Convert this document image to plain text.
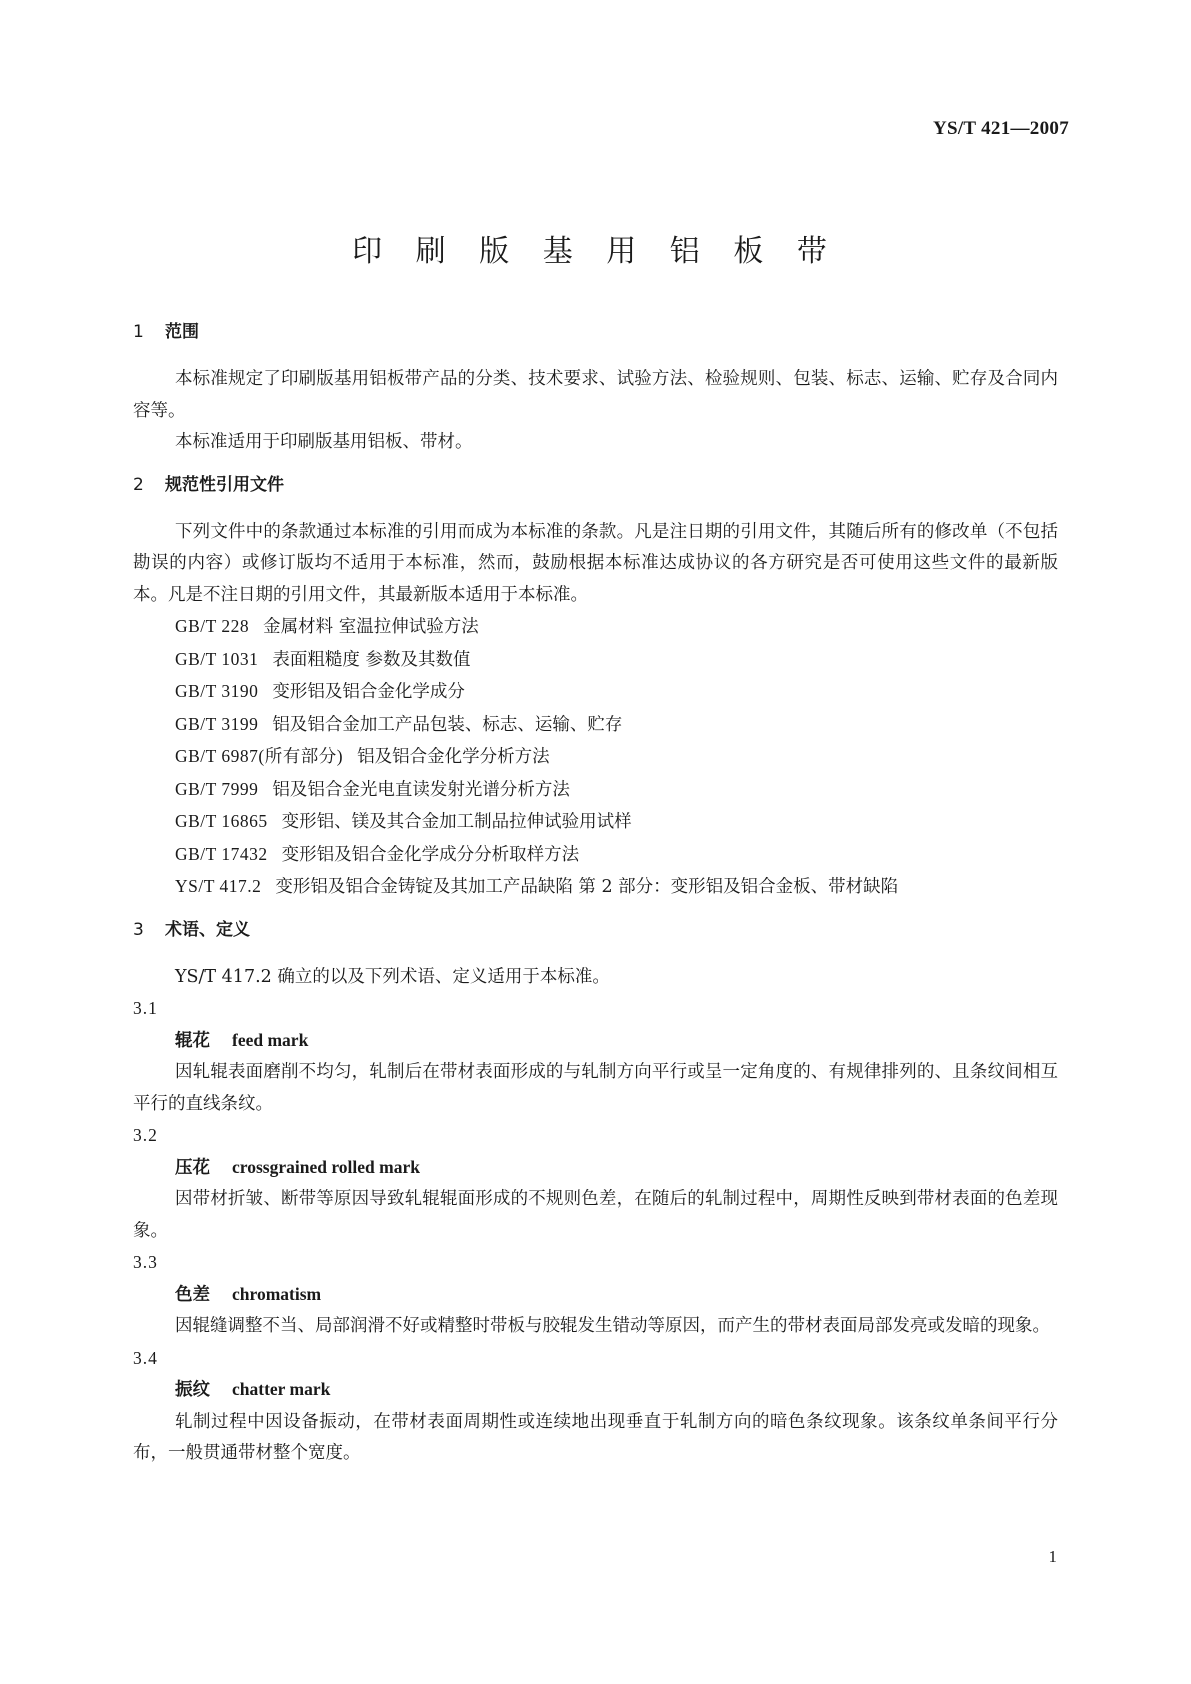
YS/T 421—2007
印 刷 版 基 用 铝 板 带
1 范围

本标准规定了印刷版基用铝板带产品的分类、技术要求、试验方法、检验规则、包装、标志、运输、贮存及合同内容等。

本标准适用于印刷版基用铝板、带材。

2 规范性引用文件

下列文件中的条款通过本标准的引用而成为本标准的条款。凡是注日期的引用文件，其随后所有的修改单（不包括勘误的内容）或修订版均不适用于本标准，然而，鼓励根据本标准达成协议的各方研究是否可使用这些文件的最新版本。凡是不注日期的引用文件，其最新版本适用于本标准。

GB/T 228 金属材料 室温拉伸试验方法
GB/T 1031 表面粗糙度 参数及其数值
GB/T 3190 变形铝及铝合金化学成分
GB/T 3199 铝及铝合金加工产品包装、标志、运输、贮存
GB/T 6987(所有部分) 铝及铝合金化学分析方法
GB/T 7999 铝及铝合金光电直读发射光谱分析方法
GB/T 16865 变形铝、镁及其合金加工制品拉伸试验用试样
GB/T 17432 变形铝及铝合金化学成分分析取样方法
YS/T 417.2 变形铝及铝合金铸锭及其加工产品缺陷 第 2 部分：变形铝及铝合金板、带材缺陷
3 术语、定义

YS/T 417.2 确立的以及下列术语、定义适用于本标准。

3.1
辊花 feed mark

因轧辊表面磨削不均匀，轧制后在带材表面形成的与轧制方向平行或呈一定角度的、有规律排列的、且条纹间相互平行的直线条纹。

3.2
压花 crossgrained rolled mark

因带材折皱、断带等原因导致轧辊辊面形成的不规则色差，在随后的轧制过程中，周期性反映到带材表面的色差现象。

3.3
色差 chromatism

因辊缝调整不当、局部润滑不好或精整时带板与胶辊发生错动等原因，而产生的带材表面局部发亮或发暗的现象。

3.4
振纹 chatter mark

轧制过程中因设备振动，在带材表面周期性或连续地出现垂直于轧制方向的暗色条纹现象。该条纹单条间平行分布，一般贯通带材整个宽度。

1
